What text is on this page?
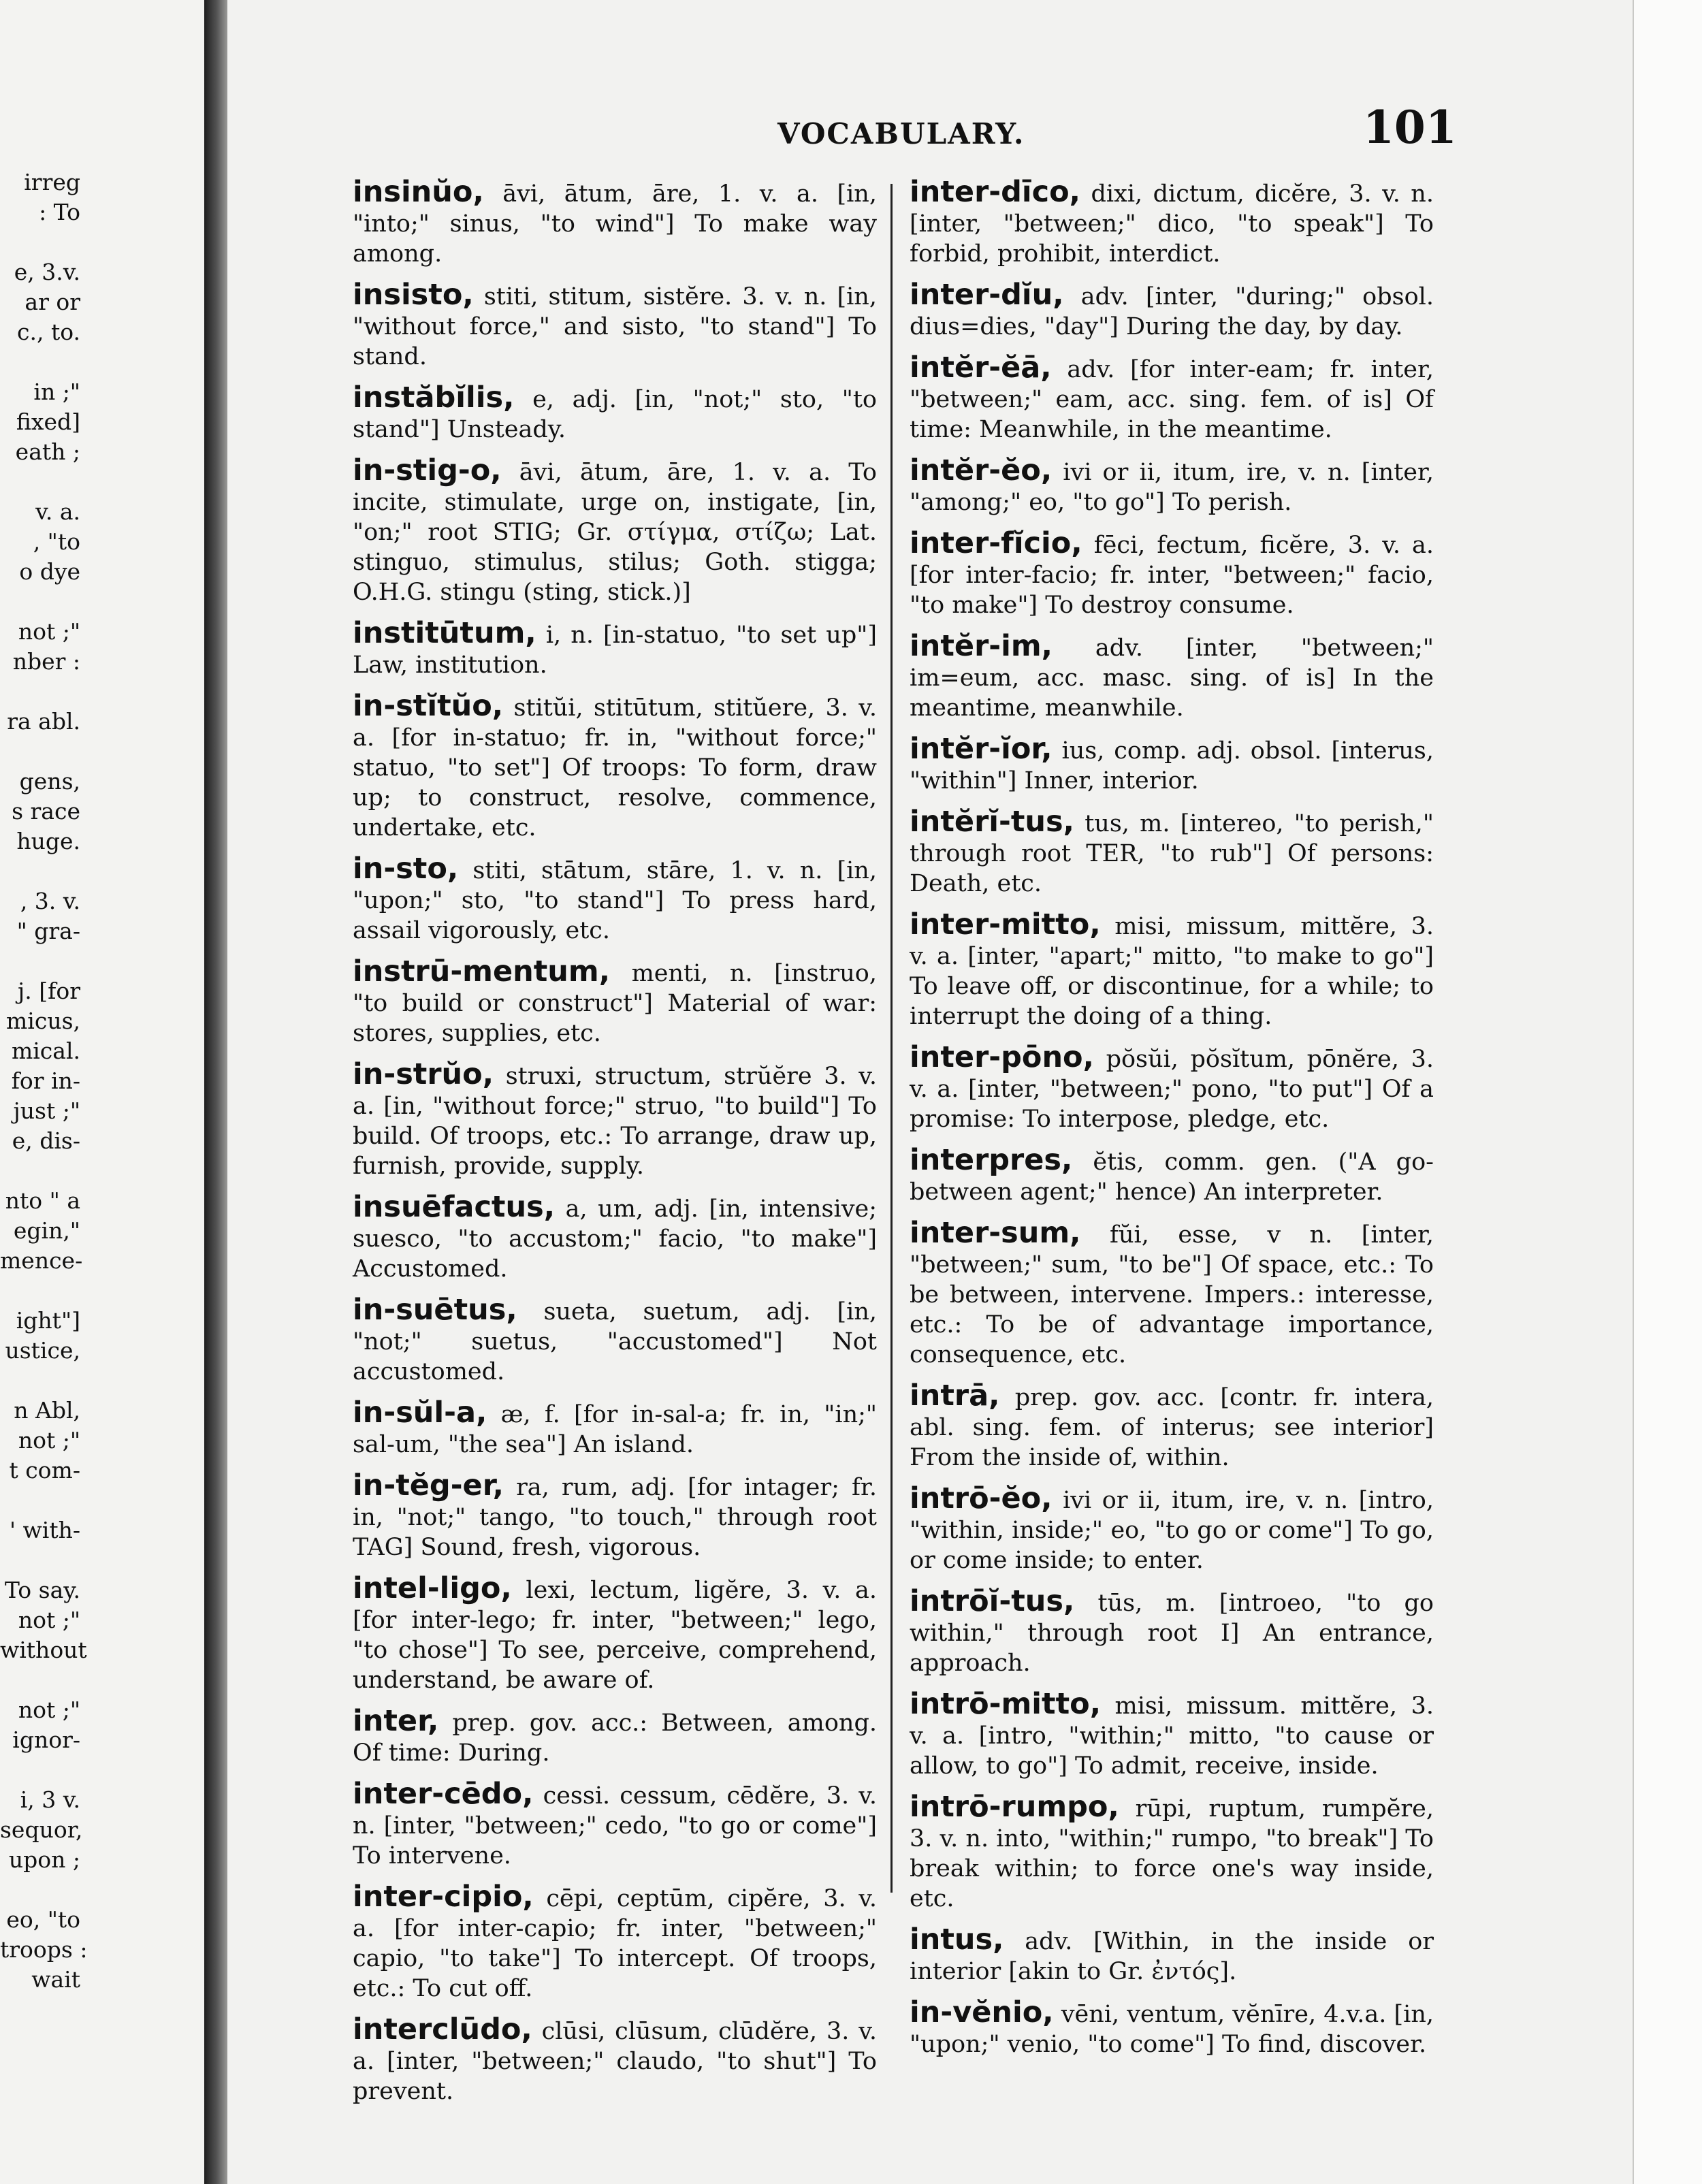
irreg
: To
e, 3.v.
ar or
c., to.
in ;"
fixed]
eath ;
v. a.
, "to
o dye
not ;"
nber :
ra abl.
gens,
s race
huge.
, 3. v.
" gra-
j. [for
micus,
mical.
for in-
just ;"
e, dis-
nto " a
egin,"
mence-
ight"]
ustice,
n Abl,
not ;"
t com-
' with-
To say.
not ;"
without
not ;"
ignor-
i, 3 v.
sequor,
upon ;
eo, "to
troops :
wait
VOCABULARY.	101
insinŭo, āvi, ātum, āre, 1. v. a. [in, "into;" sinus, "to wind"] To make way among.
insisto, stiti, stitum, sistĕre. 3. v. n. [in, "without force," and sisto, "to stand"] To stand.
instăbĭlis, e, adj. [in, "not;" sto, "to stand"] Unsteady.
in-stig-o, āvi, ātum, āre, 1. v. a. To incite, stimulate, urge on, instigate, [in, "on;" root STIG; Gr. στίγμα, στίζω; Lat. stinguo, stimulus, stilus; Goth. stigga; O.H.G. stingu (sting, stick.)]
institūtum, i, n. [in-statuo, "to set up"] Law, institution.
in-stĭtŭo, stitŭi, stitūtum, stitŭere, 3. v. a. [for in-statuo; fr. in, "without force;" statuo, "to set"] Of troops: To form, draw up; to construct, resolve, commence, undertake, etc.
in-sto, stiti, stātum, stāre, 1. v. n. [in, "upon;" sto, "to stand"] To press hard, assail vigorously, etc.
instrū-mentum, menti, n. [instruo, "to build or construct"] Material of war: stores, supplies, etc.
in-strŭo, struxi, structum, strŭĕre 3. v. a. [in, "without force;" struo, "to build"] To build. Of troops, etc.: To arrange, draw up, furnish, provide, supply.
insuēfactus, a, um, adj. [in, intensive; suesco, "to accustom;" facio, "to make"] Accustomed.
in-suētus, sueta, suetum, adj. [in, "not;" suetus, "accustomed"] Not accustomed.
in-sŭl-a, æ, f. [for in-sal-a; fr. in, "in;" sal-um, "the sea"] An island.
in-tĕg-er, ra, rum, adj. [for intager; fr. in, "not;" tango, "to touch," through root TAG] Sound, fresh, vigorous.
intel-ligo, lexi, lectum, ligĕre, 3. v. a. [for inter-lego; fr. inter, "between;" lego, "to chose"] To see, perceive, comprehend, understand, be aware of.
inter, prep. gov. acc.: Between, among. Of time: During.
inter-cēdo, cessi. cessum, cēdĕre, 3. v. n. [inter, "between;" cedo, "to go or come"] To intervene.
inter-cipio, cēpi, ceptūm, cipĕre, 3. v. a. [for inter-capio; fr. inter, "between;" capio, "to take"] To intercept. Of troops, etc.: To cut off.
interclūdo, clūsi, clūsum, clūdĕre, 3. v. a. [inter, "between;" claudo, "to shut"] To prevent.
inter-dīco, dixi, dictum, dicĕre, 3. v. n. [inter, "between;" dico, "to speak"] To forbid, prohibit, interdict.
inter-dĭu, adv. [inter, "during;" obsol. dius=dies, "day"] During the day, by day.
intĕr-ĕā, adv. [for inter-eam; fr. inter, "between;" eam, acc. sing. fem. of is] Of time: Meanwhile, in the meantime.
intĕr-ĕo, ivi or ii, itum, ire, v. n. [inter, "among;" eo, "to go"] To perish.
inter-fĭcio, fēci, fectum, ficĕre, 3. v. a. [for inter-facio; fr. inter, "between;" facio, "to make"] To destroy consume.
intĕr-im, adv. [inter, "between;" im=eum, acc. masc. sing. of is] In the meantime, meanwhile.
intĕr-ĭor, ius, comp. adj. obsol. [interus, "within"] Inner, interior.
intĕrĭ-tus, tus, m. [intereo, "to perish," through root TER, "to rub"] Of persons: Death, etc.
inter-mitto, misi, missum, mittĕre, 3. v. a. [inter, "apart;" mitto, "to make to go"] To leave off, or discontinue, for a while; to interrupt the doing of a thing.
inter-pōno, pŏsŭi, pŏsĭtum, pōnĕre, 3. v. a. [inter, "between;" pono, "to put"] Of a promise: To interpose, pledge, etc.
interpres, ĕtis, comm. gen. ("A go-between agent;" hence) An interpreter.
inter-sum, fŭi, esse, v n. [inter, "between;" sum, "to be"] Of space, etc.: To be between, intervene. Impers.: interesse, etc.: To be of advantage importance, consequence, etc.
intrā, prep. gov. acc. [contr. fr. intera, abl. sing. fem. of interus; see interior] From the inside of, within.
intrō-ĕo, ivi or ii, itum, ire, v. n. [intro, "within, inside;" eo, "to go or come"] To go, or come inside; to enter.
intrōĭ-tus, tūs, m. [introeo, "to go within," through root I] An entrance, approach.
intrō-mitto, misi, missum. mittĕre, 3. v. a. [intro, "within;" mitto, "to cause or allow, to go"] To admit, receive, inside.
intrō-rumpo, rūpi, ruptum, rumpĕre, 3. v. n. into, "within;" rumpo, "to break"] To break within; to force one's way inside, etc.
intus, adv. [Within, in the inside or interior [akin to Gr. ἐντός].
in-vĕnio, vēni, ventum, vĕnīre, 4.v.a. [in, "upon;" venio, "to come"] To find, discover.
